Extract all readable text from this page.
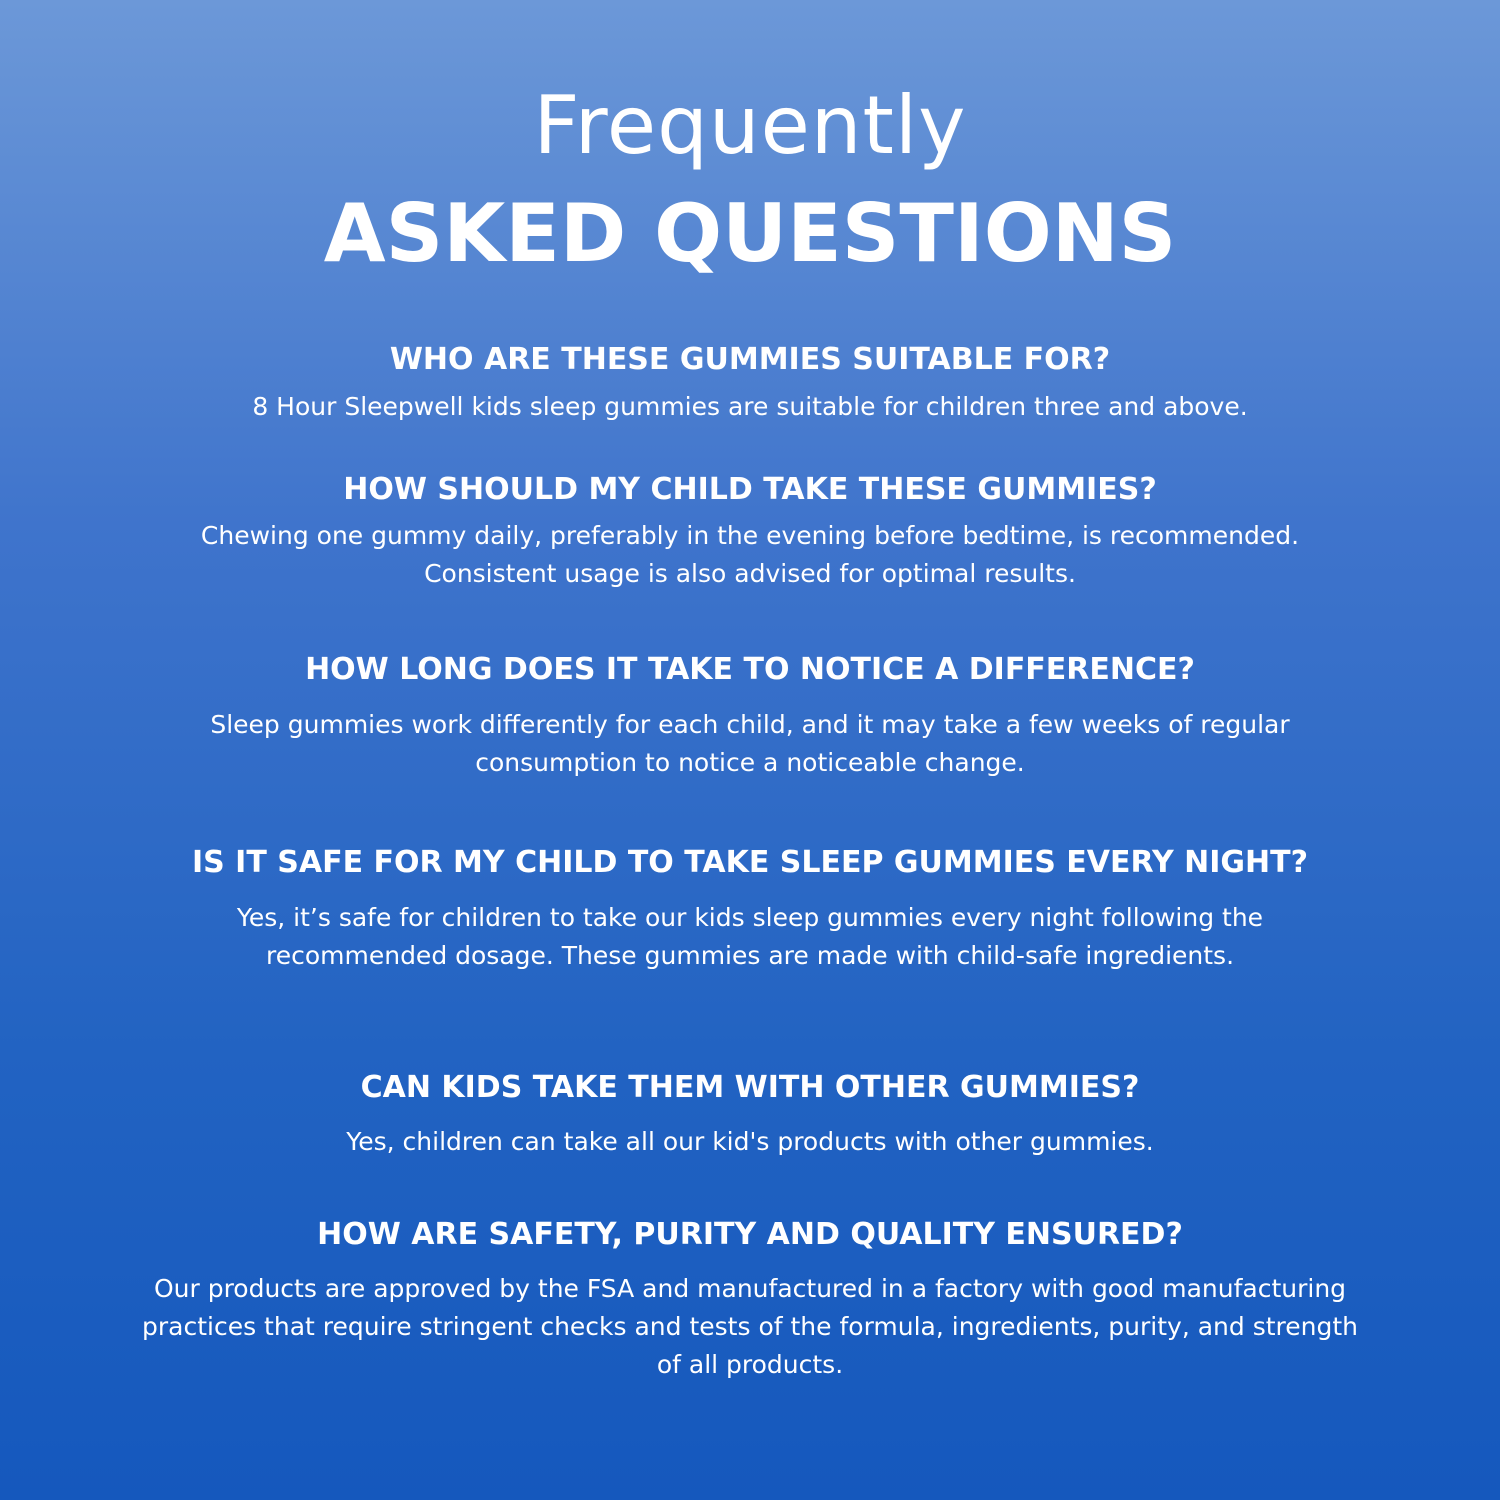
Frequently
ASKED QUESTIONS
WHO ARE THESE GUMMIES SUITABLE FOR?
8 Hour Sleepwell kids sleep gummies are suitable for children three and above.
HOW SHOULD MY CHILD TAKE THESE GUMMIES?
Chewing one gummy daily, preferably in the evening before bedtime, is recommended. Consistent usage is also advised for optimal results.
HOW LONG DOES IT TAKE TO NOTICE A DIFFERENCE?
Sleep gummies work differently for each child, and it may take a few weeks of regular consumption to notice a noticeable change.
IS IT SAFE FOR MY CHILD TO TAKE SLEEP GUMMIES EVERY NIGHT?
Yes, it’s safe for children to take our kids sleep gummies every night following the recommended dosage. These gummies are made with child-safe ingredients.
CAN KIDS TAKE THEM WITH OTHER GUMMIES?
Yes, children can take all our kid's products with other gummies.
HOW ARE SAFETY, PURITY AND QUALITY ENSURED?
Our products are approved by the FSA and manufactured in a factory with good manufacturing practices that require stringent checks and tests of the formula, ingredients, purity, and strength of all products.
